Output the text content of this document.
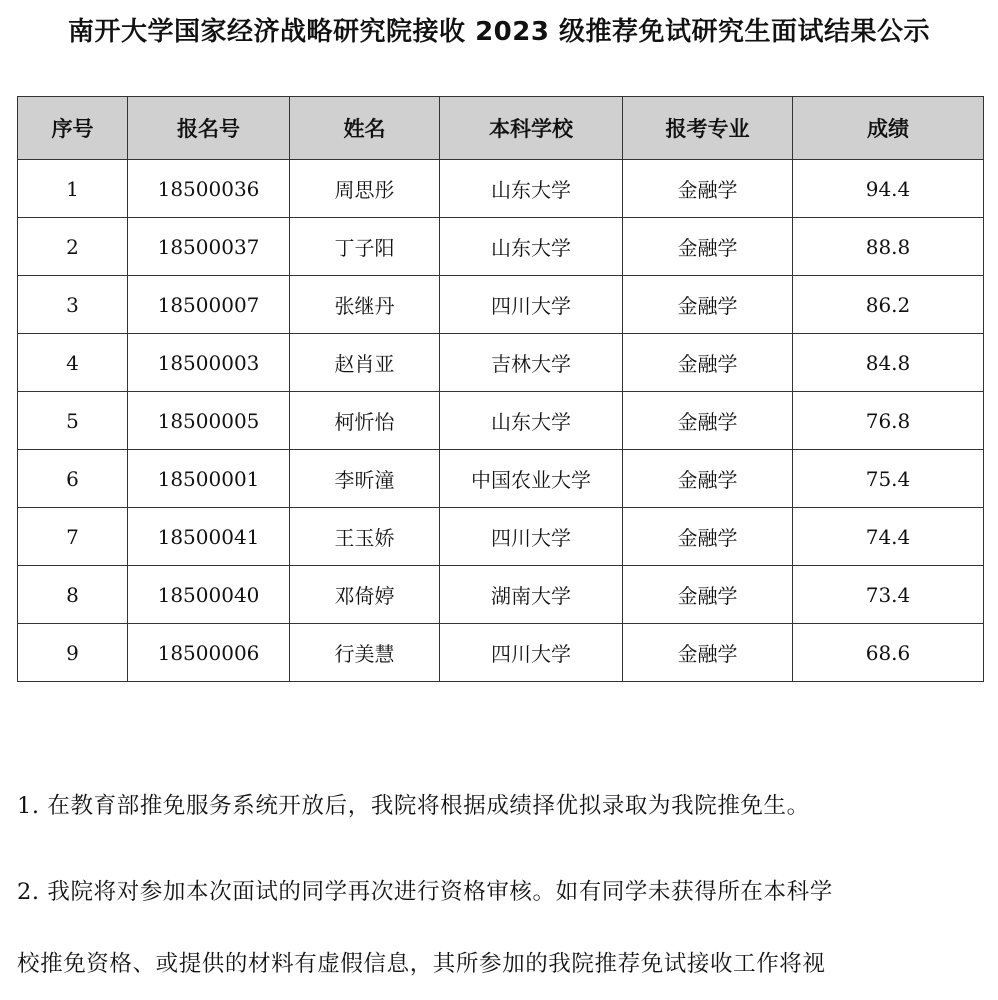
南开大学国家经济战略研究院接收 2023 级推荐免试研究生面试结果公示
序号	报名号	姓名	本科学校	报考专业	成绩
1	18500036	周思彤	山东大学	金融学	94.4
2	18500037	丁子阳	山东大学	金融学	88.8
3	18500007	张继丹	四川大学	金融学	86.2
4	18500003	赵肖亚	吉林大学	金融学	84.8
5	18500005	柯忻怡	山东大学	金融学	76.8
6	18500001	李昕潼	中国农业大学	金融学	75.4
7	18500041	王玉娇	四川大学	金融学	74.4
8	18500040	邓倚婷	湖南大学	金融学	73.4
9	18500006	行美慧	四川大学	金融学	68.6

1. 在教育部推免服务系统开放后，我院将根据成绩择优拟录取为我院推免生。

2. 我院将对参加本次面试的同学再次进行资格审核。如有同学未获得所在本科学
校推免资格、或提供的材料有虚假信息，其所参加的我院推荐免试接收工作将视
